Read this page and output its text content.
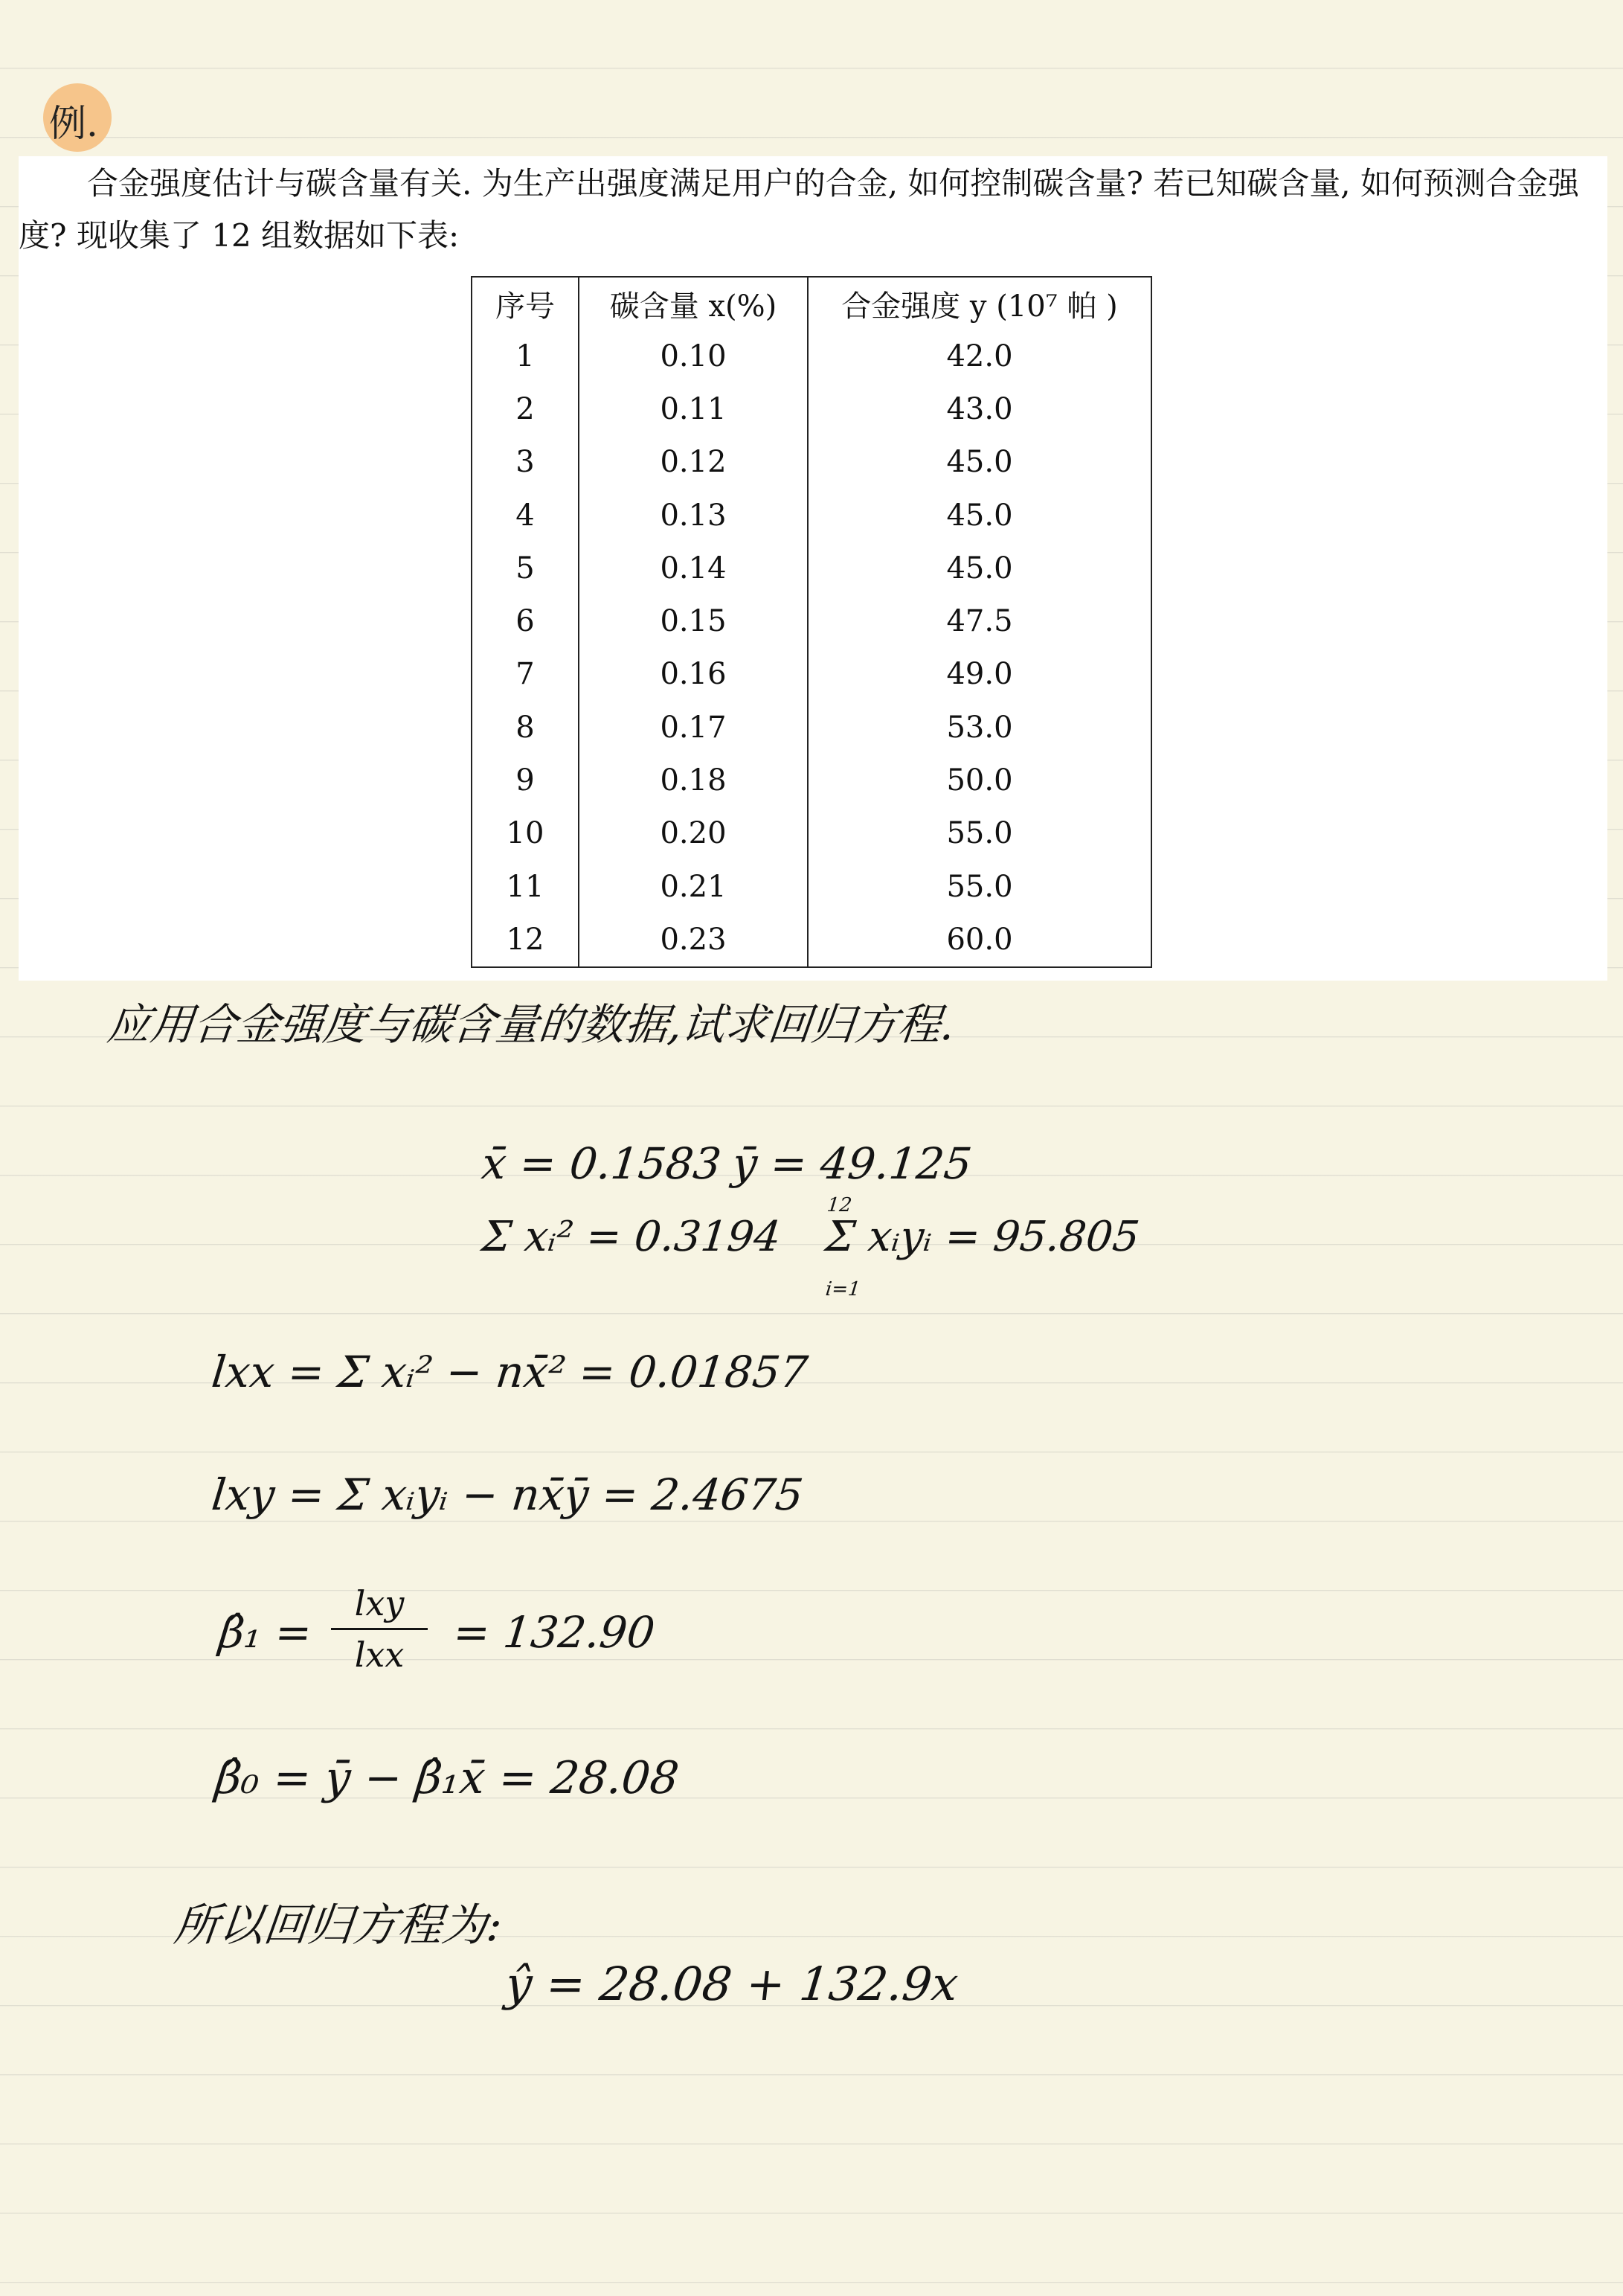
例.

合金强度估计与碳含量有关. 为生产出强度满足用户的合金, 如何控制碳含量? 若已知碳含量, 如何预测合金强度? 现收集了 12 组数据如下表:

序号	碳含量 x(%)	合金强度 y (10⁷ 帕 )
1	0.10	42.0
2	0.11	43.0
3	0.12	45.0
4	0.13	45.0
5	0.14	45.0
6	0.15	47.5
7	0.16	49.0
8	0.17	53.0
9	0.18	50.0
10	0.20	55.0
11	0.21	55.0
12	0.23	60.0
应用合金强度与碳含量的数据,试求回归方程.
x̄ = 0.1583 ȳ = 49.125
Σ xᵢ² = 0.3194 Σ xᵢyᵢ = 95.805
12
i=1
lxx = Σ xᵢ² − nx̄² = 0.01857
lxy = Σ xᵢyᵢ − nx̄ȳ = 2.4675
β̂₁ =
lxy
lxx	= 132.90
β̂₀ = ȳ − β̂₁x̄ = 28.08
所以回归方程为:
ŷ = 28.08 + 132.9x
